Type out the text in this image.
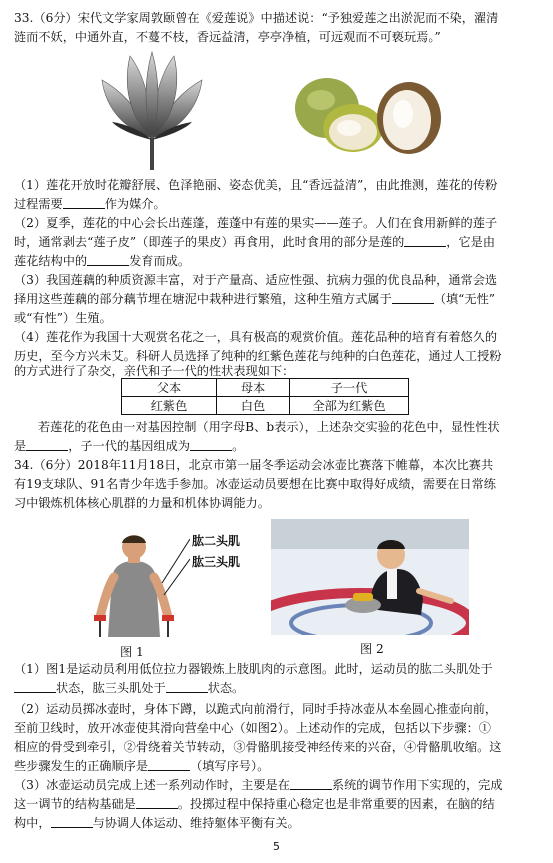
33.（6分）宋代文学家周敦颐曾在《爱莲说》中描述说：“予独爱莲之出淤泥而不染，濯清
涟而不妖，中通外直，不蔓不枝，香远益清，亭亭净植，可远观而不可亵玩焉。”
（1）莲花开放时花瓣舒展、色泽艳丽、姿态优美，且“香远益清”，由此推测，莲花的传粉
过程需要	作为媒介。
（2）夏季，莲花的中心会长出莲蓬，莲蓬中有莲的果实——莲子。人们在食用新鲜的莲子
时，通常剥去“莲子皮”（即莲子的果皮）再食用，此时食用的部分是莲的	，它是由
莲花结构中的	发育而成。
（3）我国莲藕的种质资源丰富，对于产量高、适应性强、抗病力强的优良品种，通常会选
择用这些莲藕的部分藕节埋在塘泥中栽种进行繁殖，这种生殖方式属于	（填“无性”
或“有性”）生殖。
（4）莲花作为我国十大观赏名花之一，具有极高的观赏价值。莲花品种的培育有着悠久的
历史，至今方兴未艾。科研人员选择了纯种的红紫色莲花与纯种的白色莲花，通过人工授粉
的方式进行了杂交，亲代和子一代的性状表现如下：
父本	母本	子一代
红紫色	白色	全部为红紫色
若莲花的花色由一对基因控制（用字母B、b表示），上述杂交实验的花色中，显性性状
是	，子一代的基因组成为	。
34.（6分）2018年11月18日，北京市第一届冬季运动会冰壶比赛落下帷幕，本次比赛共
有19支球队、91名青少年选手参加。冰壶运动员要想在比赛中取得好成绩，需要在日常练
习中锻炼机体核心肌群的力量和机体协调能力。
肱二头肌
肱三头肌
图 1	图 2
（1）图1是运动员利用低位拉力器锻炼上肢肌肉的示意图。此时，运动员的肱二头肌处于
状态，肱三头肌处于	状态。
（2）运动员掷冰壶时，身体下蹲，以跪式向前滑行，同时手持冰壶从本垒圆心推壶向前，
至前卫线时，放开冰壶使其滑向营垒中心（如图2）。上述动作的完成，包括以下步骤：①
相应的骨受到牵引，②骨绕着关节转动，③骨骼肌接受神经传来的兴奋，④骨骼肌收缩。这
些步骤发生的正确顺序是	（填写序号）。
（3）冰壶运动员完成上述一系列动作时，主要是在	系统的调节作用下实现的，完成
这一调节的结构基础是	。投掷过程中保持重心稳定也是非常重要的因素，在脑的结
构中，	与协调人体运动、维持躯体平衡有关。
5
